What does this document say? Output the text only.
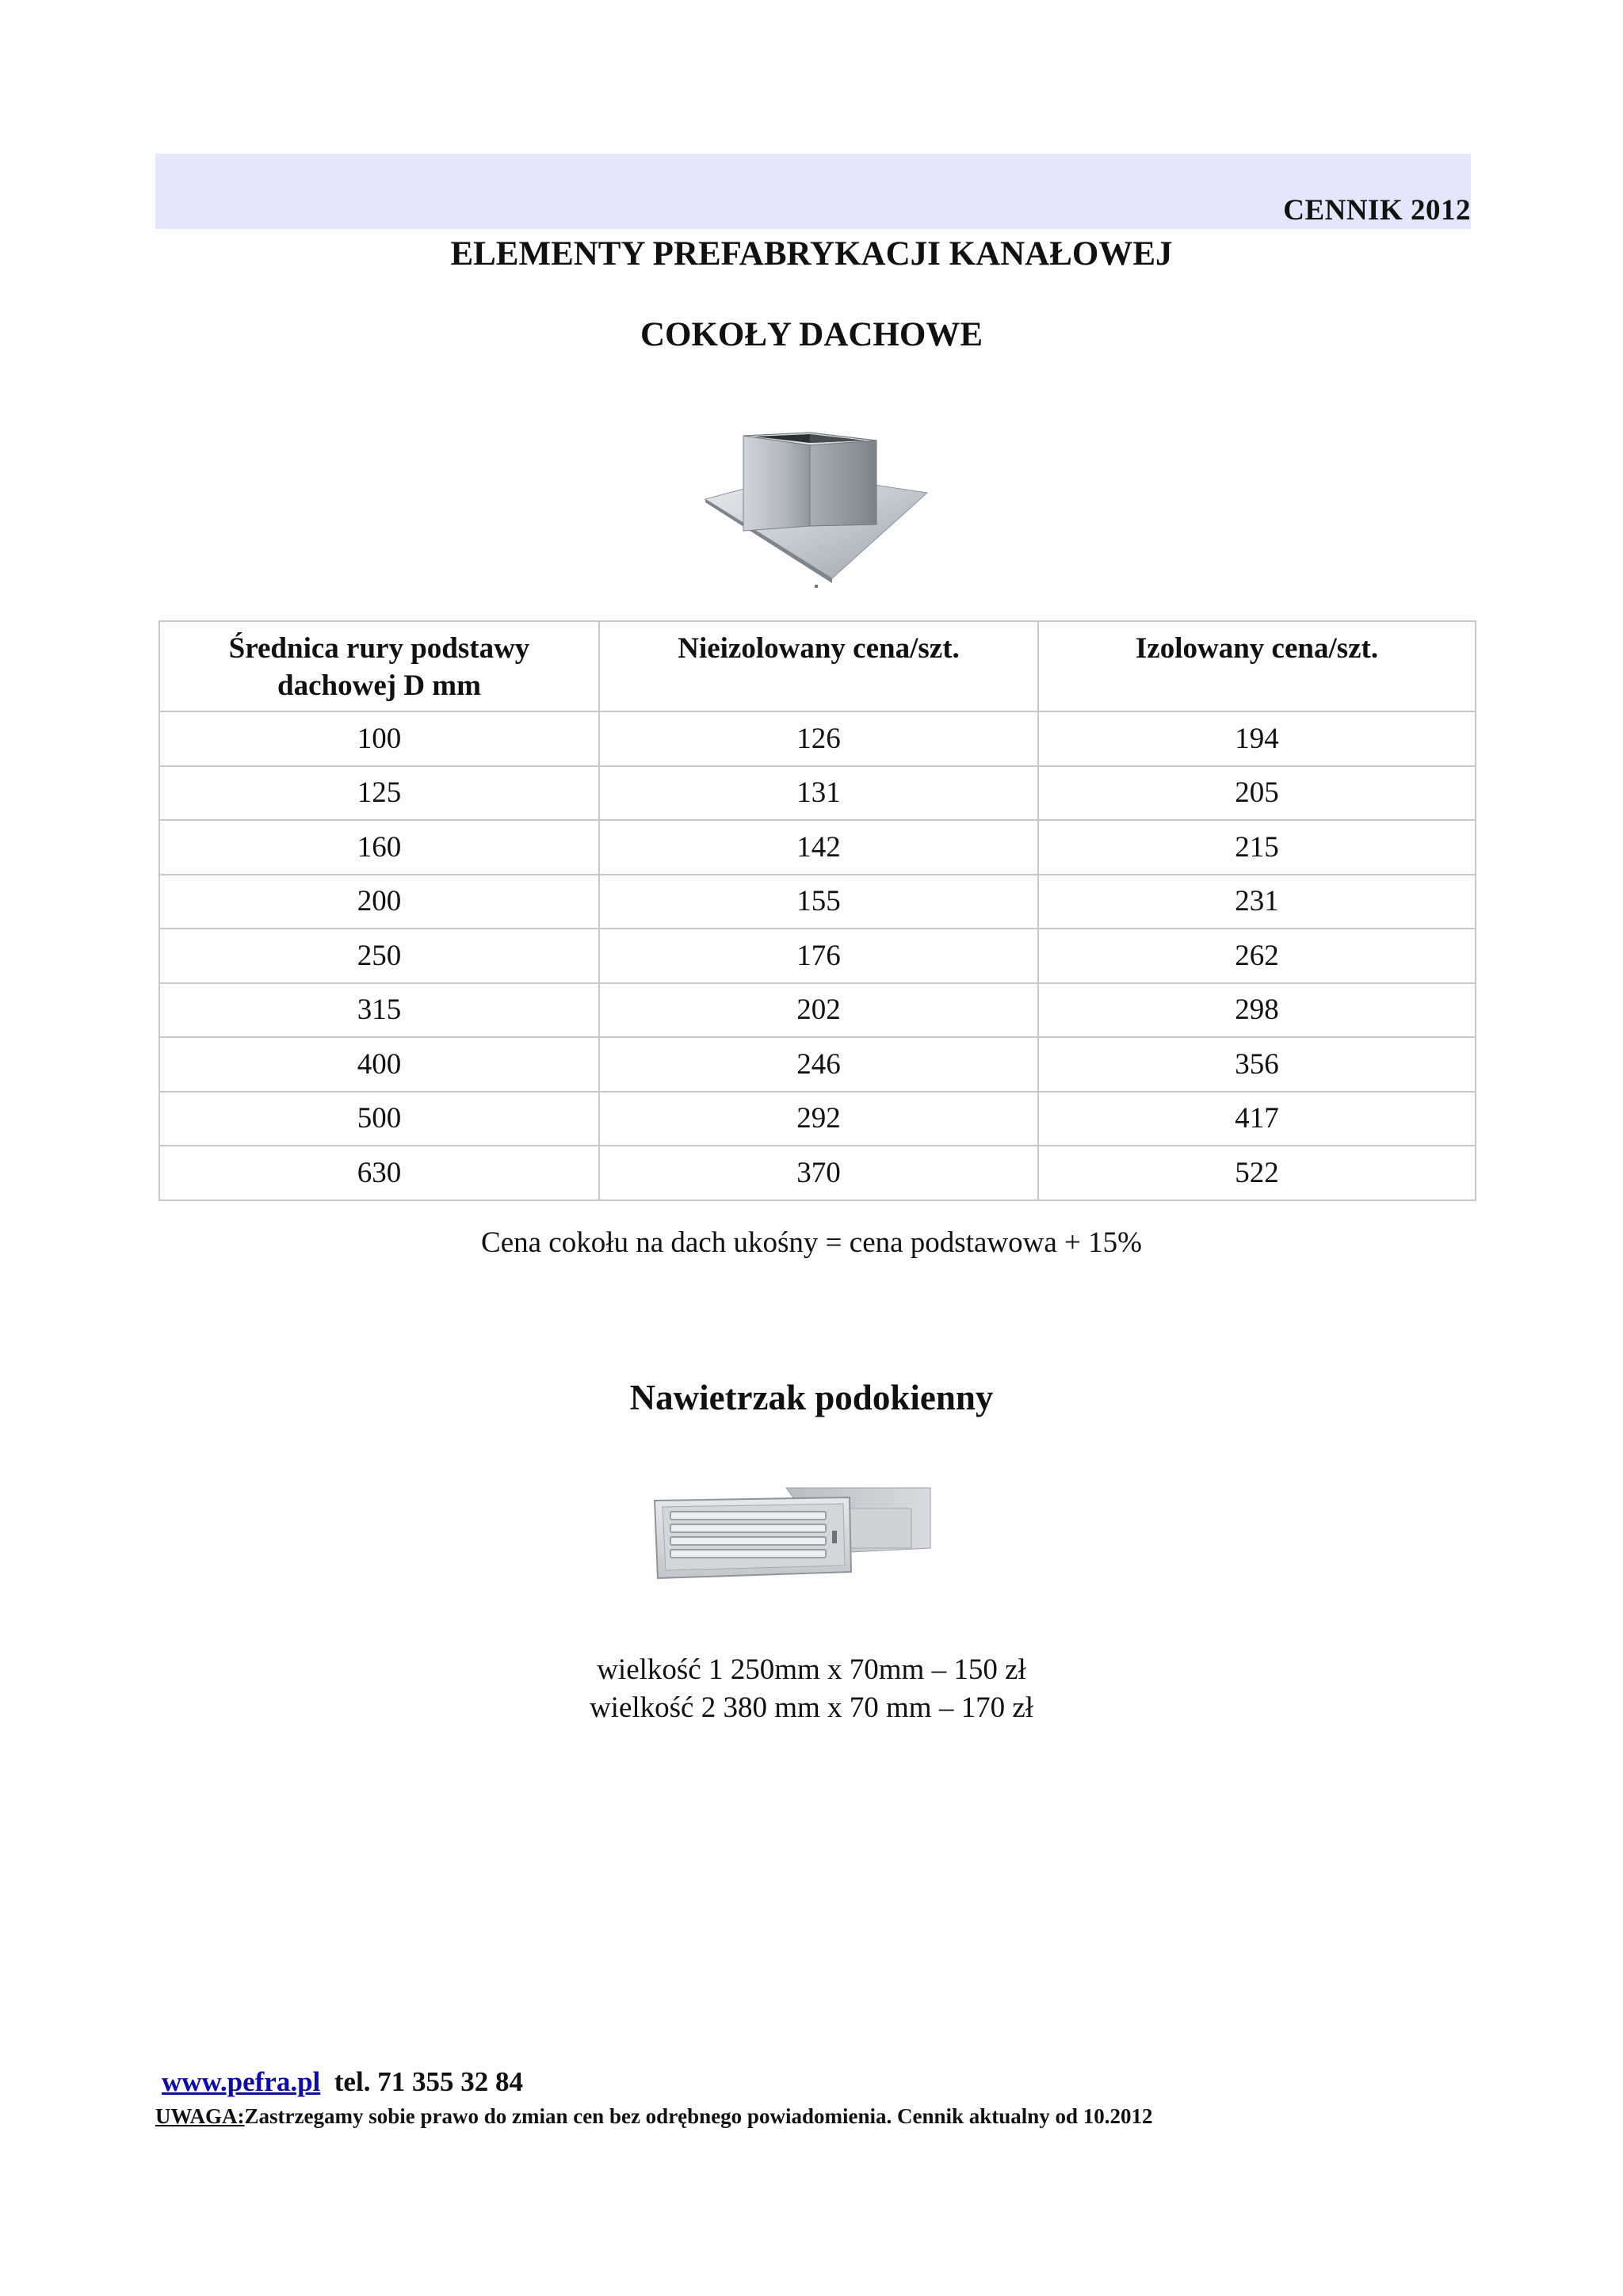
CENNIK 2012
ELEMENTY PREFABRYKACJI KANAŁOWEJ
COKOŁY DACHOWE
Średnica rury podstawy dachowej D mm	Nieizolowany cena/szt.	Izolowany cena/szt.
100	126	194
125	131	205
160	142	215
200	155	231
250	176	262
315	202	298
400	246	356
500	292	417
630	370	522
Cena cokołu na dach ukośny = cena podstawowa + 15%
Nawietrzak podokienny
wielkość 1 250mm x 70mm – 150 zł
wielkość 2 380 mm x 70 mm – 170 zł
www.pefra.pl tel. 71 355 32 84
UWAGA:Zastrzegamy sobie prawo do zmian cen bez odrębnego powiadomienia. Cennik aktualny od 10.2012
